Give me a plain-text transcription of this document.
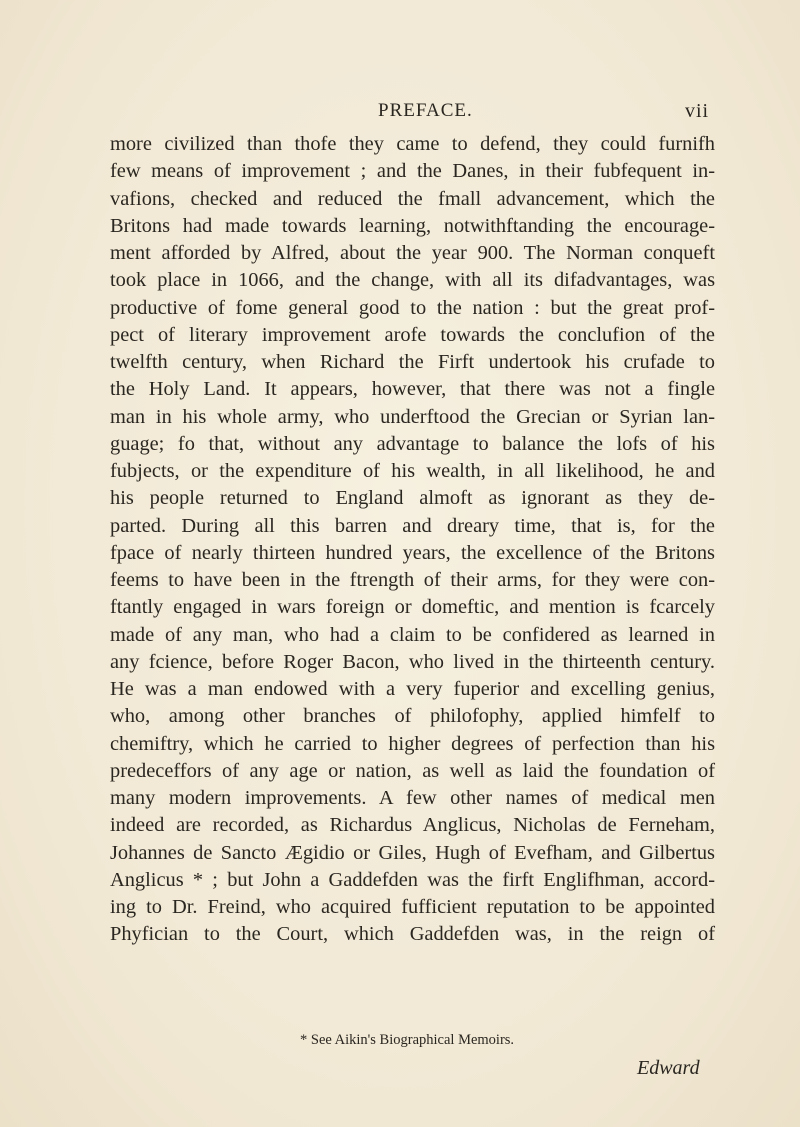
PREFACE.	vii
more civilized than thofe they came to defend, they could furnifh
few means of improvement ; and the Danes, in their fubfequent in-
vafions, checked and reduced the fmall advancement, which the
Britons had made towards learning, notwithftanding the encourage-
ment afforded by Alfred, about the year 900. The Norman conqueft
took place in 1066, and the change, with all its difadvantages, was
productive of fome general good to the nation : but the great prof-
pect of literary improvement arofe towards the conclufion of the
twelfth century, when Richard the Firft undertook his crufade to
the Holy Land. It appears, however, that there was not a fingle
man in his whole army, who underftood the Grecian or Syrian lan-
guage; fo that, without any advantage to balance the lofs of his
fubjects, or the expenditure of his wealth, in all likelihood, he and
his people returned to England almoft as ignorant as they de-
parted. During all this barren and dreary time, that is, for the
fpace of nearly thirteen hundred years, the excellence of the Britons
feems to have been in the ftrength of their arms, for they were con-
ftantly engaged in wars foreign or domeftic, and mention is fcarcely
made of any man, who had a claim to be confidered as learned in
any fcience, before Roger Bacon, who lived in the thirteenth century.
He was a man endowed with a very fuperior and excelling genius,
who, among other branches of philofophy, applied himfelf to
chemiftry, which he carried to higher degrees of perfection than his
predeceffors of any age or nation, as well as laid the foundation of
many modern improvements. A few other names of medical men
indeed are recorded, as Richardus Anglicus, Nicholas de Ferneham,
Johannes de Sancto Ægidio or Giles, Hugh of Evefham, and Gilbertus
Anglicus * ; but John a Gaddefden was the firft Englifhman, accord-
ing to Dr. Freind, who acquired fufficient reputation to be appointed
Phyfician to the Court, which Gaddefden was, in the reign of
* See Aikin's Biographical Memoirs.
Edward
